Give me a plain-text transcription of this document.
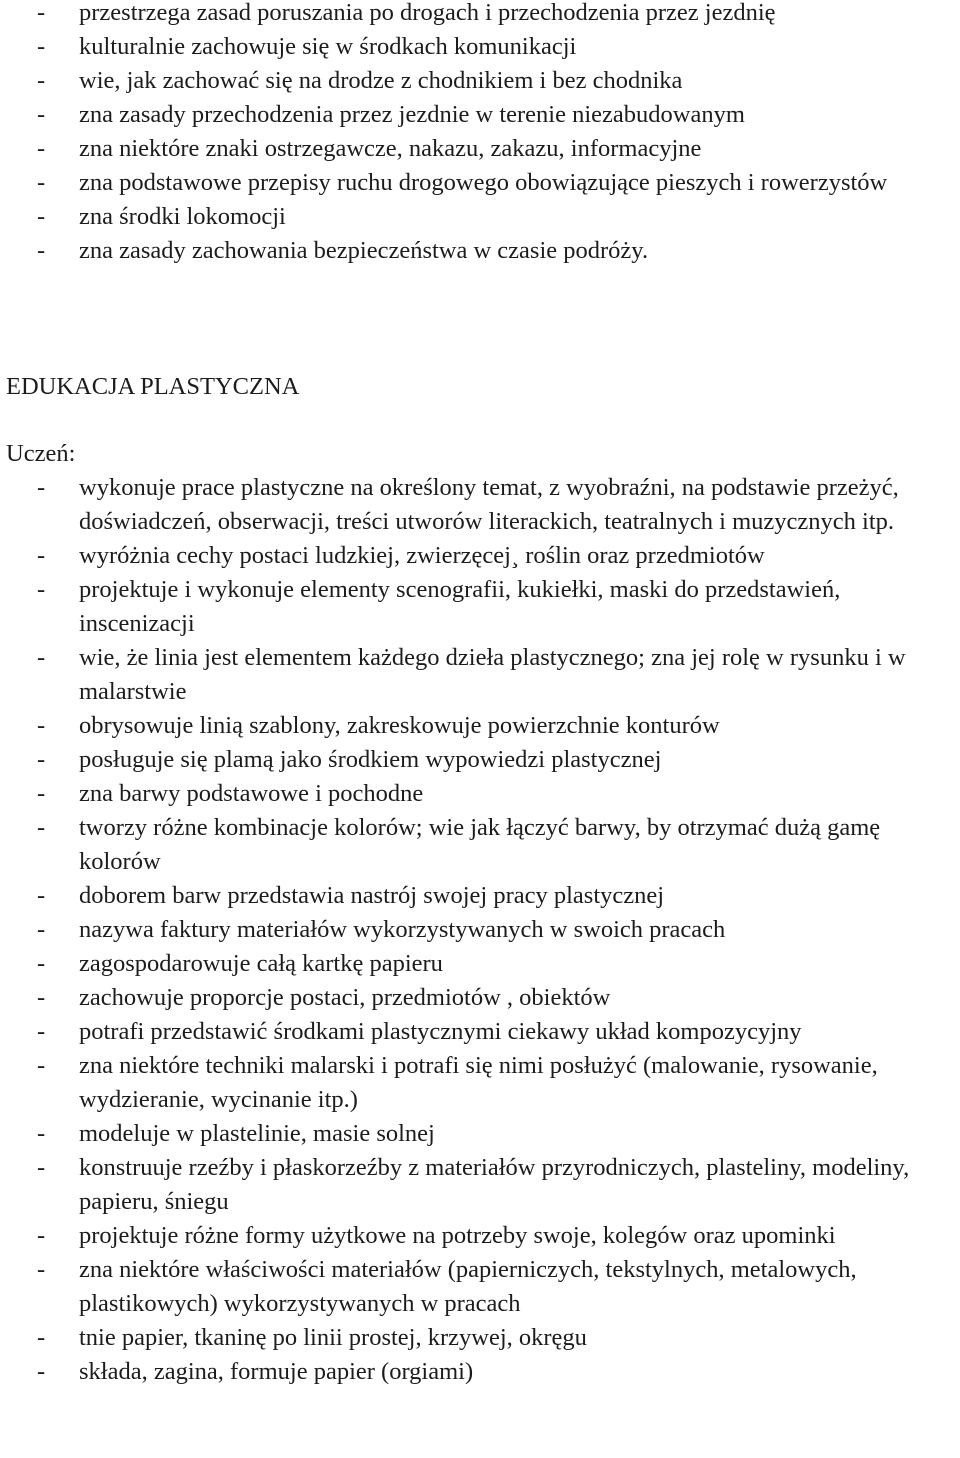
- przestrzega zasad poruszania po drogach i przechodzenia przez jezdnię
- kulturalnie zachowuje się w środkach komunikacji
- wie, jak zachować się na drodze z chodnikiem i bez chodnika
- zna zasady przechodzenia przez jezdnie w terenie niezabudowanym
- zna niektóre znaki ostrzegawcze, nakazu, zakazu, informacyjne
- zna podstawowe przepisy ruchu drogowego obowiązujące pieszych i rowerzystów
- zna środki lokomocji
- zna zasady zachowania bezpieczeństwa w czasie podróży.
EDUKACJA PLASTYCZNA

Uczeń:

- wykonuje prace plastyczne na określony temat, z wyobraźni, na podstawie przeżyć, doświadczeń, obserwacji, treści utworów literackich, teatralnych i muzycznych itp.
- wyróżnia cechy postaci ludzkiej, zwierzęcej¸ roślin oraz przedmiotów
- projektuje i wykonuje elementy scenografii, kukiełki, maski do przedstawień, inscenizacji
- wie, że linia jest elementem każdego dzieła plastycznego; zna jej rolę w rysunku i w malarstwie
- obrysowuje linią szablony, zakreskowuje powierzchnie konturów
- posługuje się plamą jako środkiem wypowiedzi plastycznej
- zna barwy podstawowe i pochodne
- tworzy różne kombinacje kolorów; wie jak łączyć barwy, by otrzymać dużą gamę kolorów
- doborem barw przedstawia nastrój swojej pracy plastycznej
- nazywa faktury materiałów wykorzystywanych w swoich pracach
- zagospodarowuje całą kartkę papieru
- zachowuje proporcje postaci, przedmiotów , obiektów
- potrafi przedstawić środkami plastycznymi ciekawy układ kompozycyjny
- zna niektóre techniki malarski i potrafi się nimi posłużyć (malowanie, rysowanie, wydzieranie, wycinanie itp.)
- modeluje w plastelinie, masie solnej
- konstruuje rzeźby i płaskorzeźby z materiałów przyrodniczych, plasteliny, modeliny, papieru, śniegu
- projektuje różne formy użytkowe na potrzeby swoje, kolegów oraz upominki
- zna niektóre właściwości materiałów (papierniczych, tekstylnych, metalowych, plastikowych) wykorzystywanych w pracach
- tnie papier, tkaninę po linii prostej, krzywej, okręgu
- składa, zagina, formuje papier (orgiami)
